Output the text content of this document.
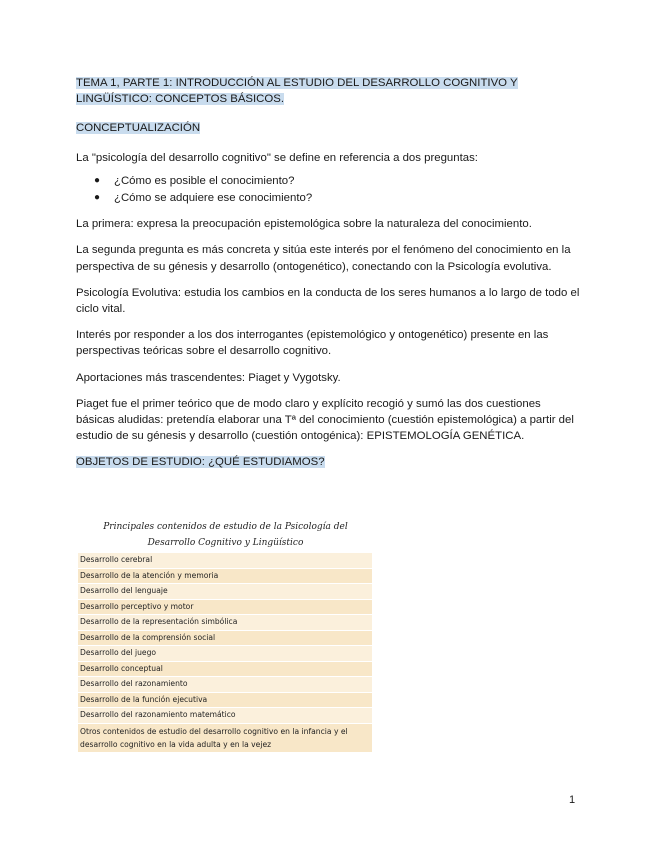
TEMA 1, PARTE 1: INTRODUCCIÓN AL ESTUDIO DEL DESARROLLO COGNITIVO Y LINGÜÍSTICO: CONCEPTOS BÁSICOS.

CONCEPTUALIZACIÓN

La "psicología del desarrollo cognitivo" se define en referencia a dos preguntas:

● ¿Cómo es posible el conocimiento?
● ¿Cómo se adquiere ese conocimiento?

La primera: expresa la preocupación epistemológica sobre la naturaleza del conocimiento.

La segunda pregunta es más concreta y sitúa este interés por el fenómeno del conocimiento en la perspectiva de su génesis y desarrollo (ontogenético), conectando con la Psicología evolutiva.

Psicología Evolutiva: estudia los cambios en la conducta de los seres humanos a lo largo de todo el ciclo vital.

Interés por responder a los dos interrogantes (epistemológico y ontogenético) presente en las perspectivas teóricas sobre el desarrollo cognitivo.

Aportaciones más trascendentes: Piaget y Vygotsky.

Piaget fue el primer teórico que de modo claro y explícito recogió y sumó las dos cuestiones básicas aludidas: pretendía elaborar una Tª del conocimiento (cuestión epistemológica) a partir del estudio de su génesis y desarrollo (cuestión ontogénica): EPISTEMOLOGÍA GENÉTICA.

OBJETOS DE ESTUDIO: ¿QUÉ ESTUDIAMOS?

Principales contenidos de estudio de la Psicología del
Desarrollo Cognitivo y Lingüístico
Desarrollo cerebral
Desarrollo de la atención y memoria
Desarrollo del lenguaje
Desarrollo perceptivo y motor
Desarrollo de la representación simbólica
Desarrollo de la comprensión social
Desarrollo del juego
Desarrollo conceptual
Desarrollo del razonamiento
Desarrollo de la función ejecutiva
Desarrollo del razonamiento matemático
Otros contenidos de estudio del desarrollo cognitivo en la infancia y el desarrollo cognitivo en la vida adulta y en la vejez
1
